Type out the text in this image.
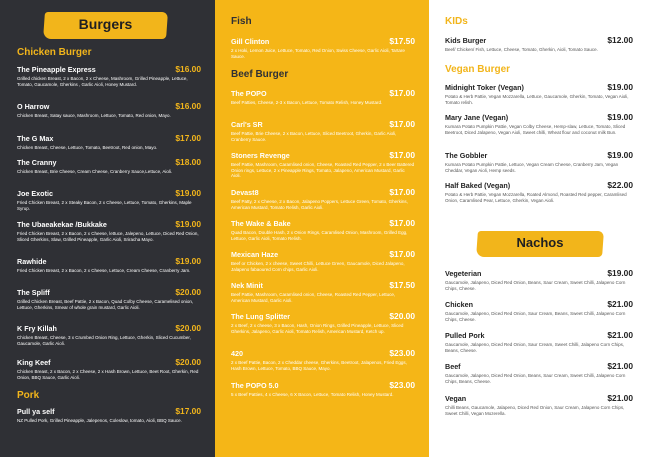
Burgers
Chicken Burger
The Pineapple Express	$16.00
Grilled chicken Breast, 2 x Bacon, 2 x Cheese, Mashroom, Grilled Pineapple, Lettuce, Tomato, Gaucamole, Gherkins , Garlic Aioli, Honey Mustard.
O Harrow	$16.00
Chicken Breast, Satay sauce, Mashroom, Lettuce, Tomato, Red onion, Mayo.
The G Max	$17.00
Chicken Breast, Cheese, Lettuce, Tomato, Beetroot, Red onion, Mayo.
The Cranny	$18.00
Chicken Breast, Brie Cheese, Cream Cheese, Cranberry Sauce,Lettuce, Aioli.
Joe Exotic	$19.00
Fried Chicken Breast, 2 x Steaky Bacon, 2 x Cheese, Lettuce, Tomato, Gherkins, Maple Syrup.
The Ubaeakekae /Bukkake	$19.00
Fried Chicken Breast, 2 x Bacon, 2 x Cheese, lettuce, Jalepeno, Lettuce, Diced Red Onion, Sliced Gherkins, Slaw, Grilled Pineapple, Garlic Aioli, Sriracha Mayo.
Rawhide	$19.00
Fried Chicken Breast, 2 x Bacon, 2 x Cheese, Lettuce, Cream Cheese, Cranberry Jam.
The Spliff	$20.00
Grilled Chicken Breast, Beef Pattie, 2 x Bacon, Quad Colby Cheese, Caramelised onion, Lettuce, Gherkins, Smear of whole grain mustard, Garlic Aioli.
K Fry Killah	$20.00
Chicken Breast, Cheese, 3 x Crumbed Onion Ring, Lettuce, Gherkin, Sliced Cucumber, Gaucamole, Garlic Aioli.
King Keef	$20.00
Chicken Breast, 2 x Bacon, 2 x Cheese, 2 x Hash Brown, Lettuce, Beet Root, Gherkin, Red Onion, BBQ Sauce, Garlic Aioli.
Pork
Pull ya self	$17.00
NZ Pulled Pork, Grilled Pineapple, Jalepenos, Coleslow, tomato, Aioli, BBQ Sauce.
Fish
Gill Clinton	$17.50
2 x Hoki, Lemon Juice, Lettuce, Tomato, Red Onion, Swiss Cheese, Garlic Aioli, Tartare Sauce.
Beef Burger
The POPO	$17.00
Beef Patties, Cheese, 2-3 x Bacon, Lettuce, Tomato Relish, Honey Mustard.
Carl's SR	$17.00
Beef Pattie, Brie Cheese, 2 x Bacon, Lettuce, Sliced Beetroot, Gherkin, Garlic Aioli, Cranberry Sauce.
Stoners Revenge	$17.00
Beef Pattie, Mashroom, Caramlised onion, Cheese, Roasted Red Pepper, 2 x Beer Battered Onion rings, Lettuce, 2 x Pineapple Rings, Tomato, Jalapeno, American Mustard, Garlic Aioli.
Devast8	$17.00
Beef Patty, 2 x Cheese, 2 x Bacon, Jalapeno Poppers, Lettuce Green, Tomato, Gherkins, American Mustard, Tomato Relish, Garlic Aioli.
The Wake & Bake	$17.00
Quad Bacon, Double Hash, 2 x Onion Rings, Caramlised Onion, Mashroom, Grilled Egg, Lettuce, Garlic Aioli, Tomato Relish.
Mexican Haze	$17.00
Beef or Chicken, 2 x cheese, Sweet Chilli, Lettuce Green, Gaucamole, Diced Jalapeno, Jalapeno fabaoured Corn chips, Garlic Aioli.
Nek Minit	$17.50
Beef Pattie, Mashroom, Caramlised onion, Cheese, Roasted Red Pepper, Lettuce, American Mustard, Garlic Aioli.
The Lung Splitter	$20.00
2 x Beef, 2 x cheese, 3 x Bacon, Hash, Onion Rings, Grilled Pineapple, Lettuce, Sliced Gherkins, Jalapeno, Garlic Aioli, Tomato Relish, American Mustard, Ketch up.
420	$23.00
2 x Beef Pattie, Bacon, 2 x Cheddar cheese, Gherkins, Beetroot, Jalapenos, Fried Eggs, Hash Brown, Lettuce, Tomato, BBQ Sauce, Mayo.
The POPO 5.0	$23.00
5 x Beef Patties, 4 x Cheese, 6 X Bacon, Lettuce, Tomato Relish, Honey Mustard.
KIDs
Kids Burger	$12.00
Beef/ Chicken/ Fish, Lettuce, Cheese, Tomato, Gherkin, Aioli, Tomato Sauce.
Vegan Burger
Midnight Toker (Vegan)	$19.00
Potato & Herb Pattie, Vegan Mozzarella, Lettuce, Gaucamole, Gherkin, Tomato, Vegan Aioli, Tomato relish.
Mary Jane (Vegan)	$19.00
Kumara Potato Pumpkin Pattie, Vegan Colby Cheese, Hemp-slaw, Lettuce, Tomato, Sliced Beetroot, Diced Jalapeno, Vegan Aioli, Sweet chilli, Wheat flour and coconut milk Bun.
The Gobbler	$19.00
Kumara Potato Pumpkin Pattie, Lettuce, Vegan Cream Cheese, Cranberry Jam, Vegan Cheddar, Vegan Aioli, Hemp seeds.
Half Baked (Vegan)	$22.00
Potato & Herb Pattie, Vegan Mozzarella, Roated Almond, Roasted Red pepper, Caramlised Onion, Caramlised Pear, Lettuce, Gherkin, Vegan Aioli.
Nachos
Vegeterian	$19.00
Gaucamole, Jalapeno, Diced Red Onion, Beans, Saur Cream, Sweet Chilli, Jalapeno Corn Chips, Cheese.
Chicken	$21.00
Gaucamole, Jalapeno, Diced Red Onion, Saur Cream, Beans, Sweet Chilli, Jalapeno Corn Chips, Cheese.
Pulled Pork	$21.00
Gaucamole, Jalapeno, Diced Red Onion, Saur Cream, Sweet Chilli, Jalapeno Corn Chips, Beans, Cheese.
Beef	$21.00
Gaucamole, Jalapeno, Diced Red Onion, Beans, Saur Cream, Sweet Chilli, Jalapeno Corn Chips, Beans, Cheese.
Vegan	$21.00
Chilli Beans, Gaucamole, Jalapeno, Diced Red Onion, Saur Cream, Jalapeno Corn Chips, Sweet Chilli, Vegan Mozerella.
